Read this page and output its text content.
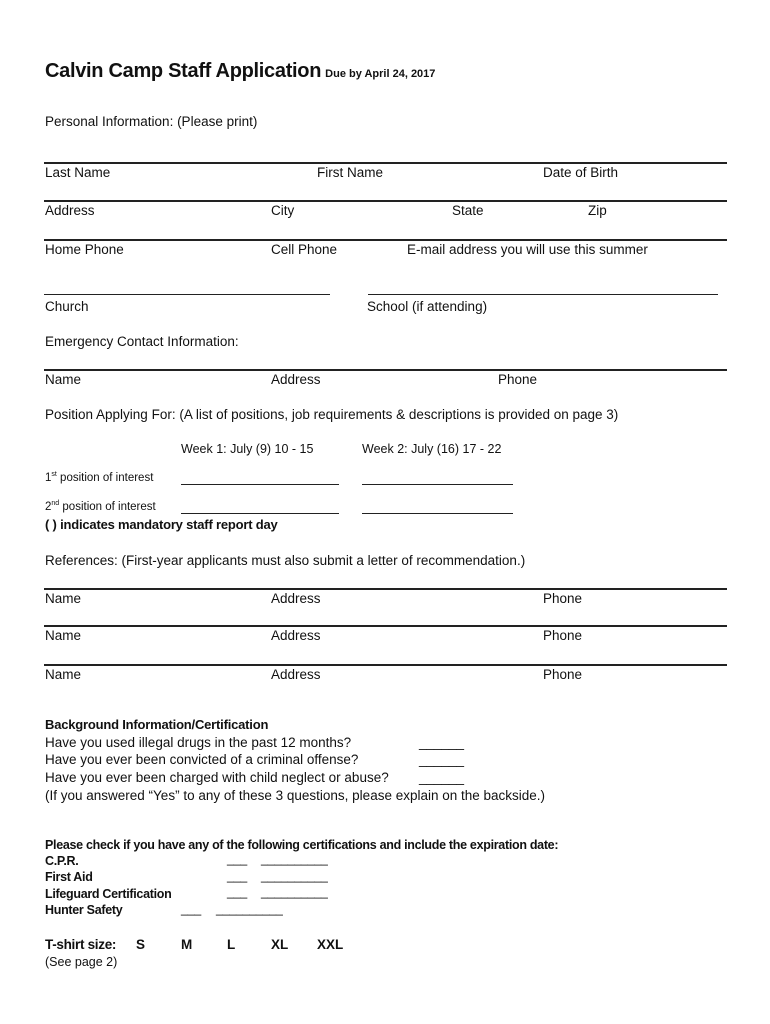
Calvin Camp Staff Application Due by April 24, 2017
Personal Information: (Please print)
Last Name	First Name	Date of Birth
Address	City	State	Zip
Home Phone	Cell Phone	E-mail address you will use this summer
Church	School (if attending)
Emergency Contact Information:
Name	Address	Phone
Position Applying For: (A list of positions, job requirements & descriptions is provided on page 3)
Week 1: July (9) 10 - 15	Week 2: July (16) 17 - 22
1st position of interest
2nd position of interest
( ) indicates mandatory staff report day
References: (First-year applicants must also submit a letter of recommendation.)
Name	Address	Phone
Name	Address	Phone
Name	Address	Phone
Background Information/Certification
Have you used illegal drugs in the past 12 months?	______
Have you ever been convicted of a criminal offense?	______
Have you ever been charged with child neglect or abuse? ______
(If you answered “Yes” to any of these 3 questions, please explain on the backside.)
Please check if you have any of the following certifications and include the expiration date:
C.P.R.	___ __________
First Aid	___ __________
Lifeguard Certification	___ __________
Hunter Safety	___ __________
T-shirt size: S	M	L	XL XXL
(See page 2)
